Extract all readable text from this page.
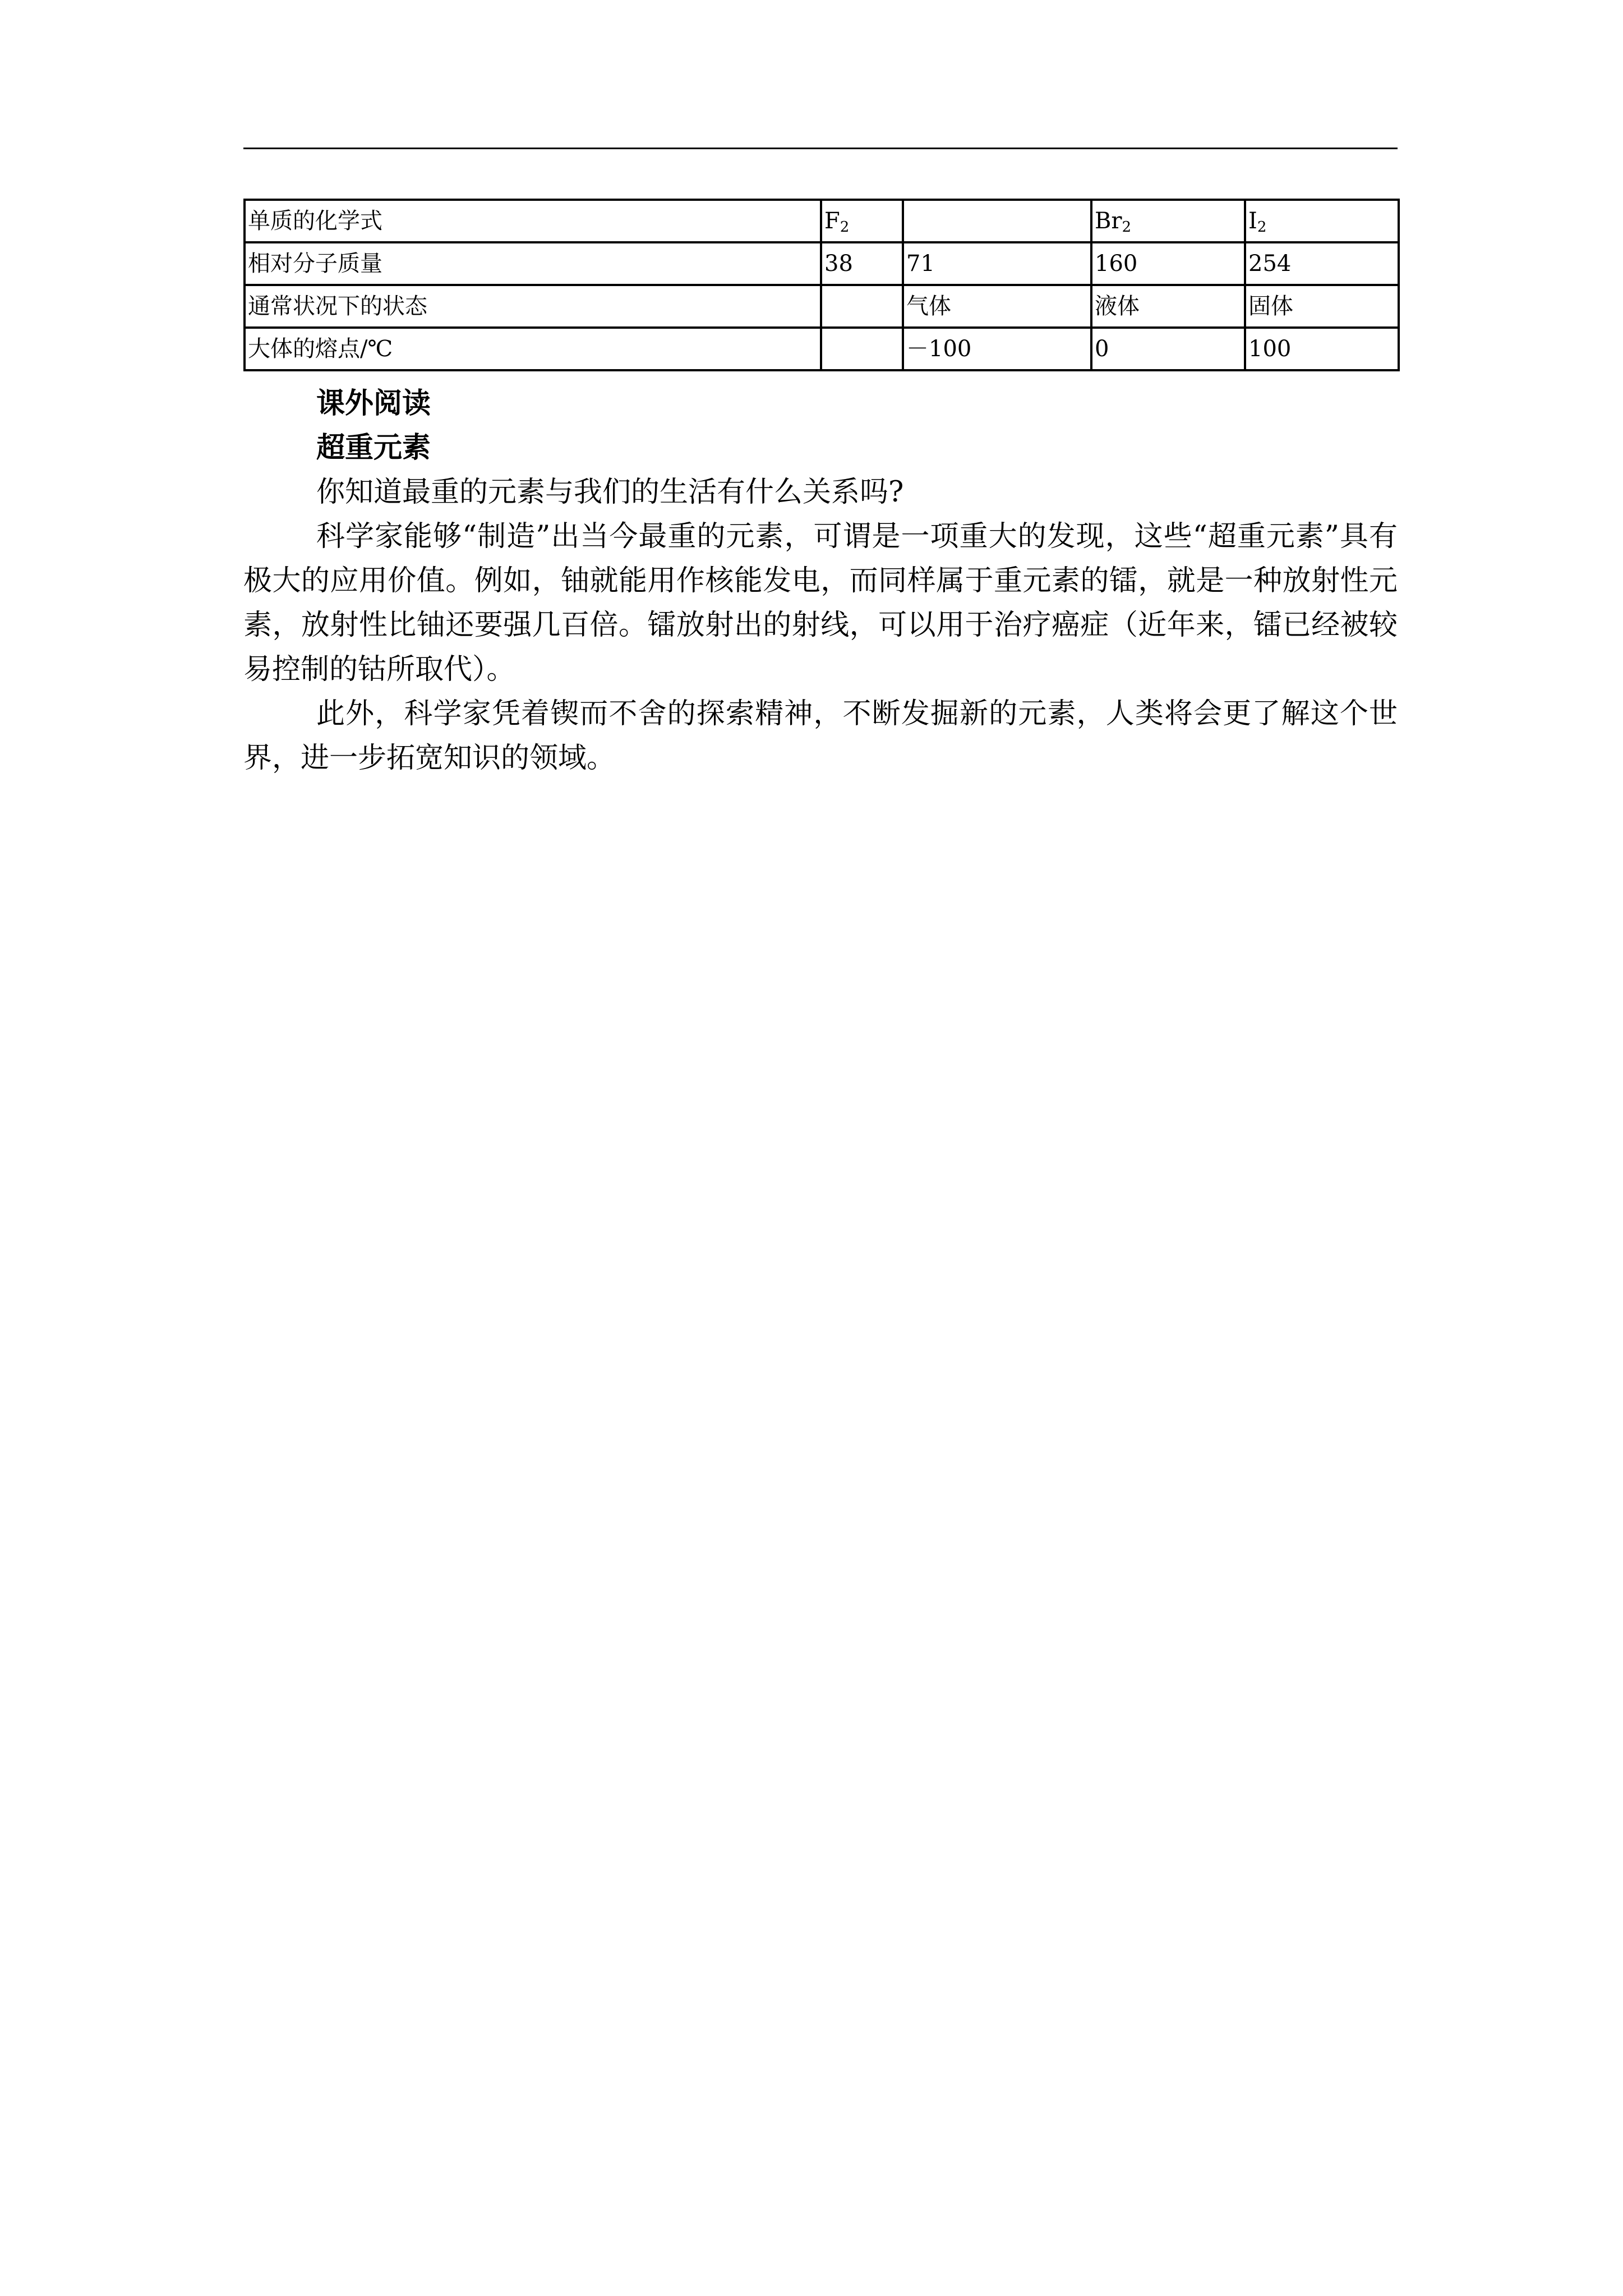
单质的化学式	$F_2$		$Br_2$	$I_2$
相对分子质量	38	71	160	254
通常状况下的状态		气体	液体	固体
大体的熔点/℃		－100	0	100

课外阅读

超重元素

你知道最重的元素与我们的生活有什么关系吗?

科学家能够“制造”出当今最重的元素，可谓是一项重大的发现，这些“超重元素”具有极大的应用价值。例如，铀就能用作核能发电，而同样属于重元素的镭，就是一种放射性元素，放射性比铀还要强几百倍。镭放射出的射线，可以用于治疗癌症（近年来，镭已经被较易控制的钴所取代）。

此外，科学家凭着锲而不舍的探索精神，不断发掘新的元素，人类将会更了解这个世界，进一步拓宽知识的领域。
